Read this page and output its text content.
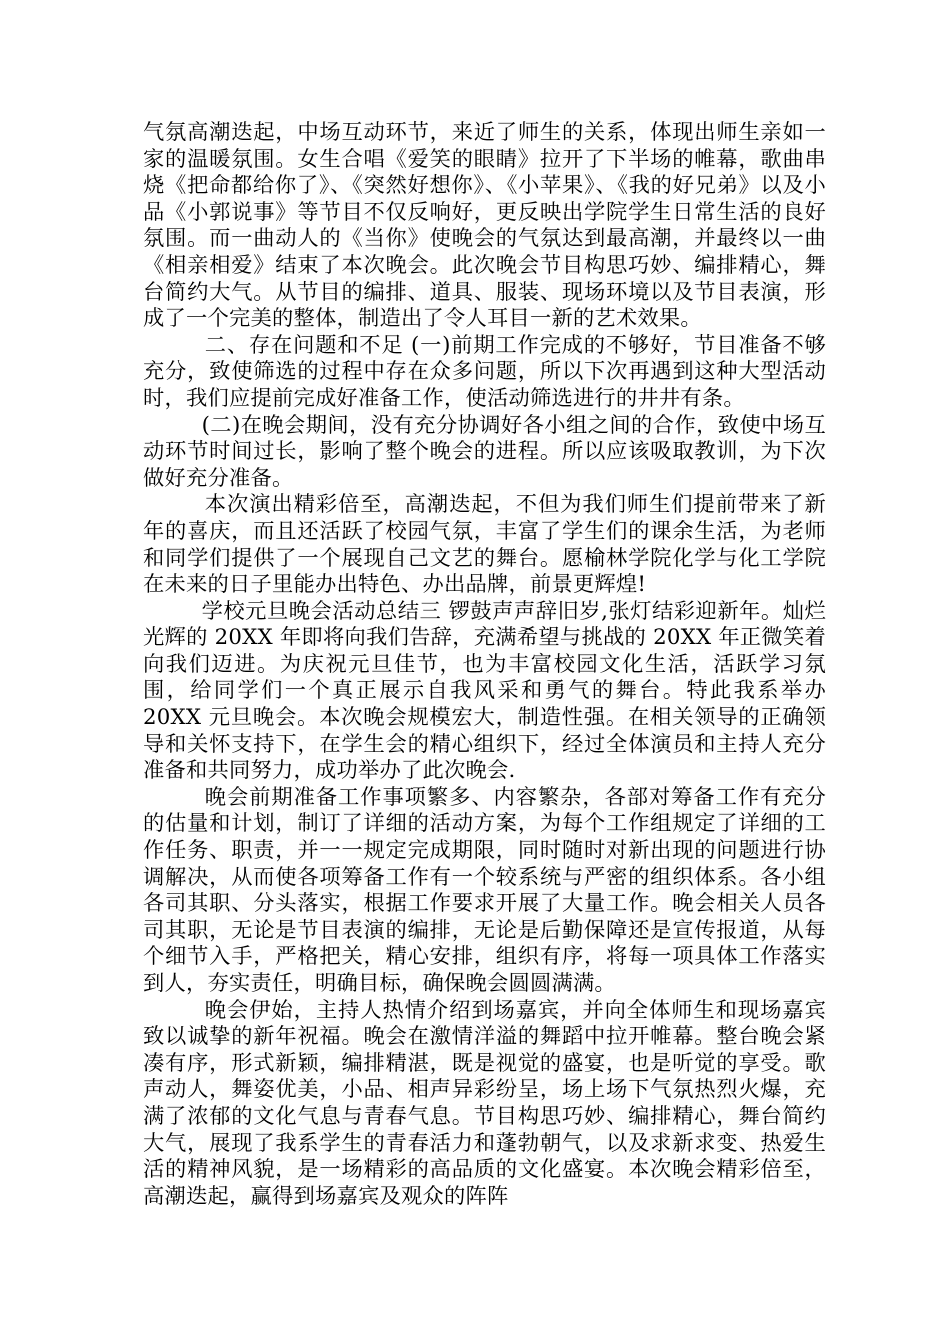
气氛高潮迭起，中场互动环节，来近了师生的关系，体现出师生亲如一家的温暖氛围。女生合唱《爱笑的眼睛》拉开了下半场的帷幕，歌曲串烧《把命都给你了》、《突然好想你》、《小苹果》、《我的好兄弟》以及小品《小郭说事》等节目不仅反响好，更反映出学院学生日常生活的良好氛围。而一曲动人的《当你》使晚会的气氛达到最高潮，并最终以一曲《相亲相爱》结束了本次晚会。此次晚会节目构思巧妙、编排精心，舞台简约大气。从节目的编排、道具、服装、现场环境以及节目表演，形成了一个完美的整体，制造出了令人耳目一新的艺术效果。

二、存在问题和不足 (一)前期工作完成的不够好，节目准备不够充分，致使筛选的过程中存在众多问题，所以下次再遇到这种大型活动时，我们应提前完成好准备工作，使活动筛选进行的井井有条。

(二)在晚会期间，没有充分协调好各小组之间的合作，致使中场互动环节时间过长，影响了整个晚会的进程。所以应该吸取教训，为下次做好充分准备。

本次演出精彩倍至，高潮迭起，不但为我们师生们提前带来了新年的喜庆，而且还活跃了校园气氛，丰富了学生们的课余生活，为老师和同学们提供了一个展现自己文艺的舞台。愿榆林学院化学与化工学院在未来的日子里能办出特色、办出品牌，前景更辉煌!

学校元旦晚会活动总结三 锣鼓声声辞旧岁,张灯结彩迎新年。灿烂光辉的 20XX 年即将向我们告辞，充满希望与挑战的 20XX 年正微笑着向我们迈进。为庆祝元旦佳节，也为丰富校园文化生活，活跃学习氛围，给同学们一个真正展示自我风采和勇气的舞台。特此我系举办 20XX 元旦晚会。本次晚会规模宏大，制造性强。在相关领导的正确领导和关怀支持下，在学生会的精心组织下，经过全体演员和主持人充分准备和共同努力，成功举办了此次晚会.

晚会前期准备工作事项繁多、内容繁杂，各部对筹备工作有充分的估量和计划，制订了详细的活动方案，为每个工作组规定了详细的工作任务、职责，并一一规定完成期限，同时随时对新出现的问题进行协调解决，从而使各项筹备工作有一个较系统与严密的组织体系。各小组各司其职、分头落实，根据工作要求开展了大量工作。晚会相关人员各司其职，无论是节目表演的编排，无论是后勤保障还是宣传报道，从每个细节入手，严格把关，精心安排，组织有序，将每一项具体工作落实到人，夯实责任，明确目标，确保晚会圆圆满满。

晚会伊始，主持人热情介绍到场嘉宾，并向全体师生和现场嘉宾致以诚挚的新年祝福。晚会在激情洋溢的舞蹈中拉开帷幕。整台晚会紧凑有序，形式新颖，编排精湛，既是视觉的盛宴，也是听觉的享受。歌声动人，舞姿优美，小品、相声异彩纷呈，场上场下气氛热烈火爆，充满了浓郁的文化气息与青春气息。节目构思巧妙、编排精心，舞台简约大气，展现了我系学生的青春活力和蓬勃朝气，以及求新求变、热爱生活的精神风貌，是一场精彩的高品质的文化盛宴。本次晚会精彩倍至，高潮迭起，赢得到场嘉宾及观众的阵阵
